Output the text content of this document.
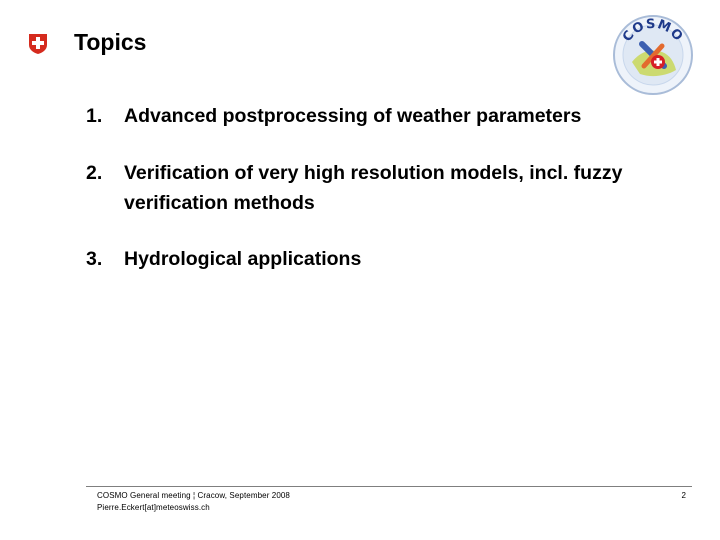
Topics	COSMO
1. Advanced postprocessing of weather parameters
2. Verification of very high resolution models, incl. fuzzy verification methods
3. Hydrological applications
COSMO General meeting ¦ Cracow, September 2008
Pierre.Eckert[at]meteoswiss.ch
2
